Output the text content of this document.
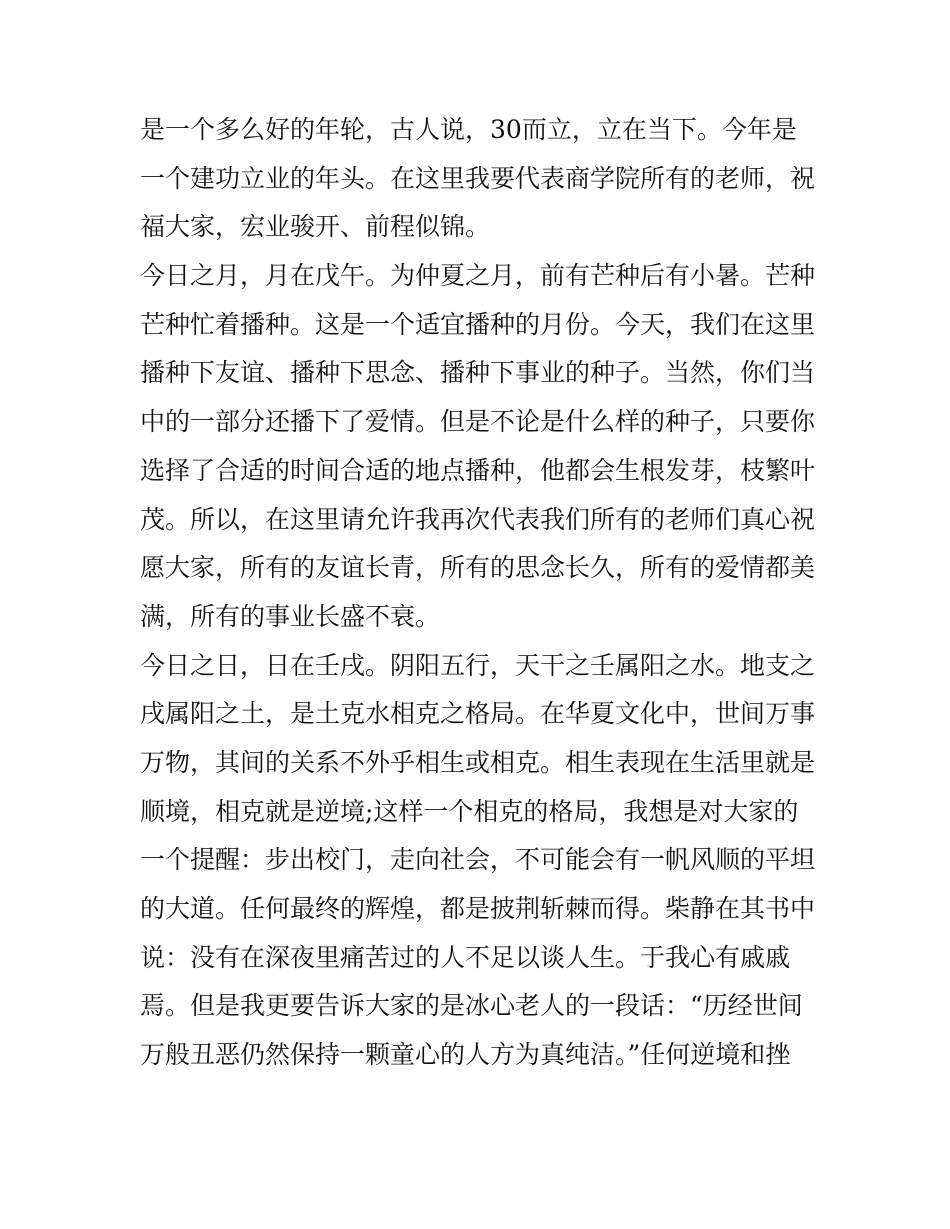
是一个多么好的年轮，古人说，30而立，立在当下。今年是
一个建功立业的年头。在这里我要代表商学院所有的老师，祝
福大家，宏业骏开、前程似锦。
今日之月，月在戊午。为仲夏之月，前有芒种后有小暑。芒种
芒种忙着播种。这是一个适宜播种的月份。今天，我们在这里
播种下友谊、播种下思念、播种下事业的种子。当然，你们当
中的一部分还播下了爱情。但是不论是什么样的种子，只要你
选择了合适的时间合适的地点播种，他都会生根发芽，枝繁叶
茂。所以，在这里请允许我再次代表我们所有的老师们真心祝
愿大家，所有的友谊长青，所有的思念长久，所有的爱情都美
满，所有的事业长盛不衰。
今日之日，日在壬戌。阴阳五行，天干之壬属阳之水。地支之
戌属阳之土，是土克水相克之格局。在华夏文化中，世间万事
万物，其间的关系不外乎相生或相克。相生表现在生活里就是
顺境，相克就是逆境;这样一个相克的格局，我想是对大家的
一个提醒：步出校门，走向社会，不可能会有一帆风顺的平坦
的大道。任何最终的辉煌，都是披荆斩棘而得。柴静在其书中
说：没有在深夜里痛苦过的人不足以谈人生。于我心有戚戚
焉。但是我更要告诉大家的是冰心老人的一段话：“历经世间
万般丑恶仍然保持一颗童心的人方为真纯洁。”任何逆境和挫
